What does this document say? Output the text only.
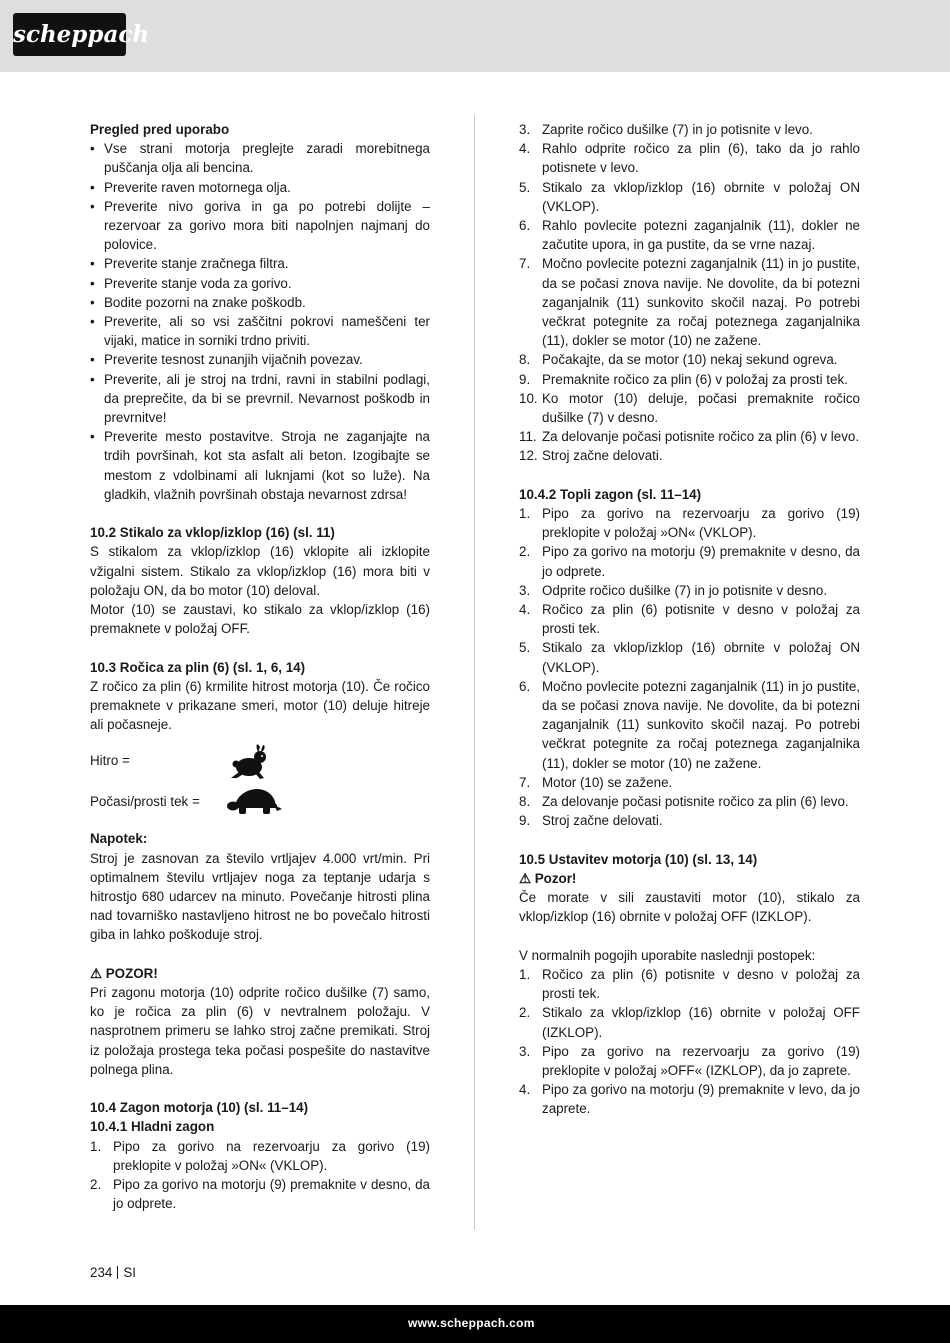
scheppach
Pregled pred uporabo
• Vse strani motorja preglejte zaradi morebitnega puščanja olja ali bencina.
• Preverite raven motornega olja.
• Preverite nivo goriva in ga po potrebi dolijte – rezervoar za gorivo mora biti napolnjen najmanj do polovice.
• Preverite stanje zračnega filtra.
• Preverite stanje voda za gorivo.
• Bodite pozorni na znake poškodb.
• Preverite, ali so vsi zaščitni pokrovi nameščeni ter vijaki, matice in sorniki trdno priviti.
• Preverite tesnost zunanjih vijačnih povezav.
• Preverite, ali je stroj na trdni, ravni in stabilni podlagi, da preprečite, da bi se prevrnil. Nevarnost poškodb in prevrnitve!
• Preverite mesto postavitve. Stroja ne zaganjajte na trdih površinah, kot sta asfalt ali beton. Izogibajte se mestom z vdolbinami ali luknjami (kot so luže). Na gladkih, vlažnih površinah obstaja nevarnost zdrsa!
10.2 Stikalo za vklop/izklop (16) (sl. 11)
S stikalom za vklop/izklop (16) vklopite ali izklopite vžigalni sistem. Stikalo za vklop/izklop (16) mora biti v položaju ON, da bo motor (10) deloval.
Motor (10) se zaustavi, ko stikalo za vklop/izklop (16) premaknete v položaj OFF.
10.3 Ročica za plin (6) (sl. 1, 6, 14)
Z ročico za plin (6) krmilite hitrost motorja (10). Če ročico premaknete v prikazane smeri, motor (10) deluje hitreje ali počasneje.
Hitro =
Počasi/prosti tek =
Napotek:
Stroj je zasnovan za število vrtljajev 4.000 vrt/min. Pri optimalnem številu vrtljajev noga za teptanje udarja s hitrostjo 680 udarcev na minuto. Povečanje hitrosti plina nad tovarniško nastavljeno hitrost ne bo povečalo hitrosti giba in lahko poškoduje stroj.
⚠ POZOR!
Pri zagonu motorja (10) odprite ročico dušilke (7) samo, ko je ročica za plin (6) v nevtralnem položaju. V nasprotnem primeru se lahko stroj začne premikati. Stroj iz položaja prostega teka počasi pospešite do nastavitve polnega plina.
10.4 Zagon motorja (10) (sl. 11–14)
10.4.1 Hladni zagon
1. Pipo za gorivo na rezervoarju za gorivo (19) preklopite v položaj »ON« (VKLOP).
2. Pipo za gorivo na motorju (9) premaknite v desno, da jo odprete.
3. Zaprite ročico dušilke (7) in jo potisnite v levo.
4. Rahlo odprite ročico za plin (6), tako da jo rahlo potisnete v levo.
5. Stikalo za vklop/izklop (16) obrnite v položaj ON (VKLOP).
6. Rahlo povlecite potezni zaganjalnik (11), dokler ne začutite upora, in ga pustite, da se vrne nazaj.
7. Močno povlecite potezni zaganjalnik (11) in jo pustite, da se počasi znova navije. Ne dovolite, da bi potezni zaganjalnik (11) sunkovito skočil nazaj. Po potrebi večkrat potegnite za ročaj poteznega zaganjalnika (11), dokler se motor (10) ne zažene.
8. Počakajte, da se motor (10) nekaj sekund ogreva.
9. Premaknite ročico za plin (6) v položaj za prosti tek.
10. Ko motor (10) deluje, počasi premaknite ročico dušilke (7) v desno.
11. Za delovanje počasi potisnite ročico za plin (6) v levo.
12. Stroj začne delovati.
10.4.2 Topli zagon (sl. 11–14)
1. Pipo za gorivo na rezervoarju za gorivo (19) preklopite v položaj »ON« (VKLOP).
2. Pipo za gorivo na motorju (9) premaknite v desno, da jo odprete.
3. Odprite ročico dušilke (7) in jo potisnite v desno.
4. Ročico za plin (6) potisnite v desno v položaj za prosti tek.
5. Stikalo za vklop/izklop (16) obrnite v položaj ON (VKLOP).
6. Močno povlecite potezni zaganjalnik (11) in jo pustite, da se počasi znova navije. Ne dovolite, da bi potezni zaganjalnik (11) sunkovito skočil nazaj. Po potrebi večkrat potegnite za ročaj poteznega zaganjalnika (11), dokler se motor (10) ne zažene.
7. Motor (10) se zažene.
8. Za delovanje počasi potisnite ročico za plin (6) levo.
9. Stroj začne delovati.
10.5 Ustavitev motorja (10) (sl. 13, 14)
⚠ Pozor!
Če morate v sili zaustaviti motor (10), stikalo za vklop/izklop (16) obrnite v položaj OFF (IZKLOP).
V normalnih pogojih uporabite naslednji postopek:
1. Ročico za plin (6) potisnite v desno v položaj za prosti tek.
2. Stikalo za vklop/izklop (16) obrnite v položaj OFF (IZKLOP).
3. Pipo za gorivo na rezervoarju za gorivo (19) preklopite v položaj »OFF« (IZKLOP), da jo zaprete.
4. Pipo za gorivo na motorju (9) premaknite v levo, da jo zaprete.
234 SI
www.scheppach.com
